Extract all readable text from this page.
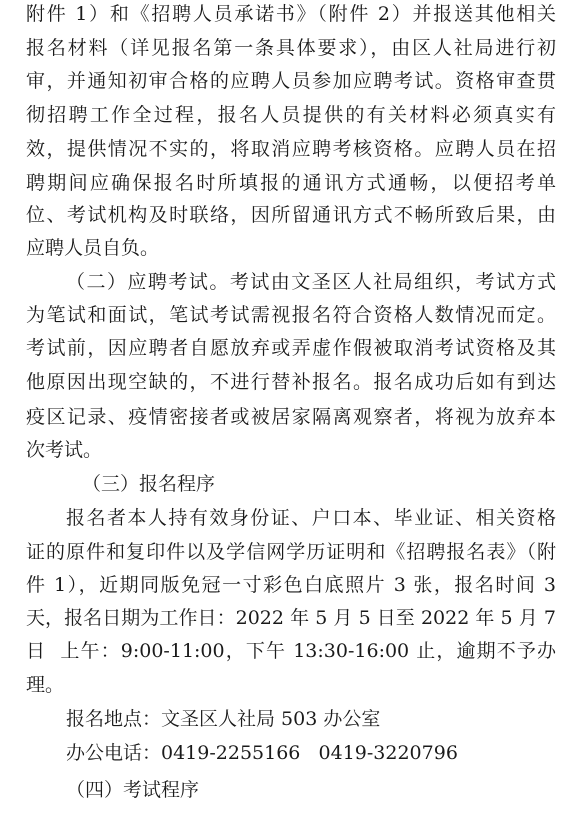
附件 1）和《招聘人员承诺书》（附件 2）并报送其他相关
报名材料（详见报名第一条具体要求），由区人社局进行初
审，并通知初审合格的应聘人员参加应聘考试。资格审查贯
彻招聘工作全过程，报名人员提供的有关材料必须真实有
效，提供情况不实的，将取消应聘考核资格。应聘人员在招
聘期间应确保报名时所填报的通讯方式通畅，以便招考单
位、考试机构及时联络，因所留通讯方式不畅所致后果，由
应聘人员自负。
（二）应聘考试。考试由文圣区人社局组织，考试方式
为笔试和面试，笔试考试需视报名符合资格人数情况而定。
考试前，因应聘者自愿放弃或弄虚作假被取消考试资格及其
他原因出现空缺的，不进行替补报名。报名成功后如有到达
疫区记录、疫情密接者或被居家隔离观察者，将视为放弃本
次考试。
（三）报名程序
报名者本人持有效身份证、户口本、毕业证、相关资格
证的原件和复印件以及学信网学历证明和《招聘报名表》（附
件 1），近期同版免冠一寸彩色白底照片 3 张，报名时间 3
天，报名日期为工作日：2022 年 5 月 5 日至 2022 年 5 月 7
日  上午：9:00-11:00，下午 13:30-16:00 止，逾期不予办
理。
报名地点：文圣区人社局 503 办公室
办公电话：0419-2255166   0419-3220796
（四）考试程序
